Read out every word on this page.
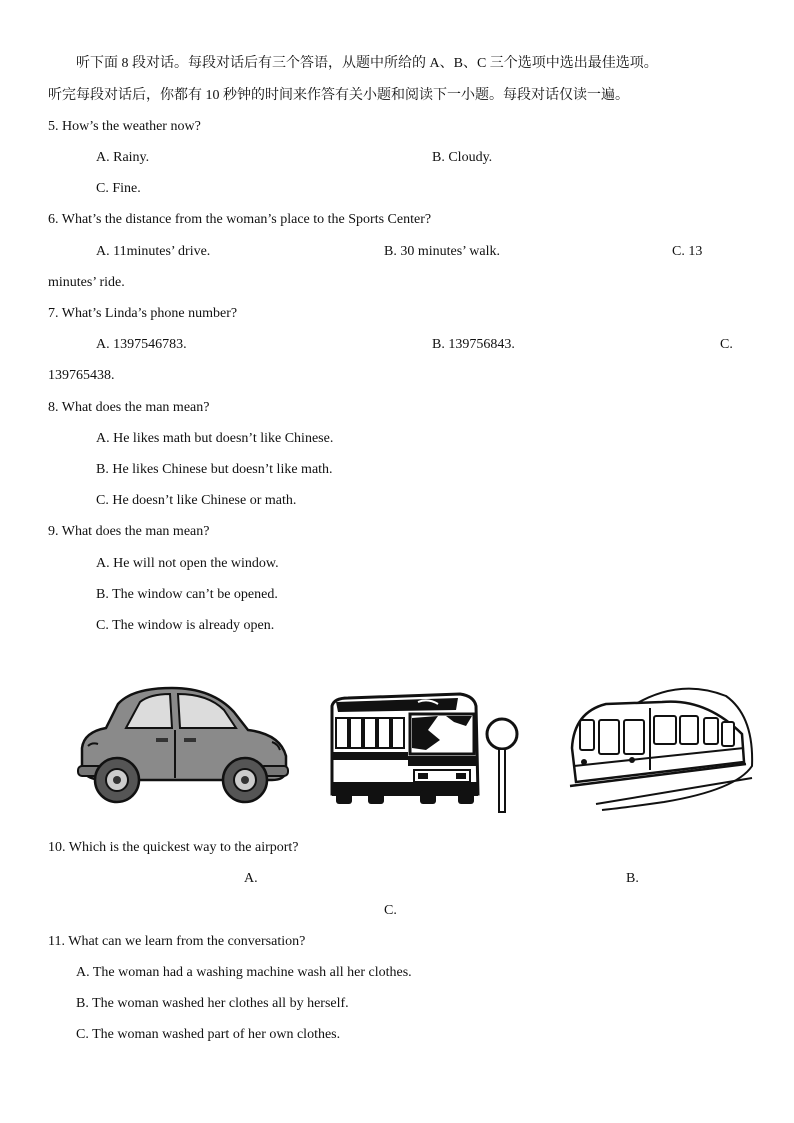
听下面 8 段对话。每段对话后有三个答语，从题中所给的 A、B、C 三个选项中选出最佳选项。
听完每段对话后，你都有 10 秒钟的时间来作答有关小题和阅读下一小题。每段对话仅读一遍。
5. How’s the weather now?
A. Rainy.	B. Cloudy.
C. Fine.
6. What’s the distance from the woman’s place to the Sports Center?
A. 11minutes’ drive.	B. 30 minutes’ walk.	C. 13
minutes’ ride.
7. What’s Linda’s phone number?
A. 1397546783.	B. 139756843.	C.
139765438.
8. What does the man mean?
A. He likes math but doesn’t like Chinese.
B. He likes Chinese but doesn’t like math.
C. He doesn’t like Chinese or math.
9. What does the man mean?
A. He will not open the window.
B. The window can’t be opened.
C. The window is already open.
10. Which is the quickest way to the airport?
A.	B.
C.
11. What can we learn from the conversation?
A. The woman had a washing machine wash all her clothes.
B. The woman washed her clothes all by herself.
C. The woman washed part of her own clothes.
